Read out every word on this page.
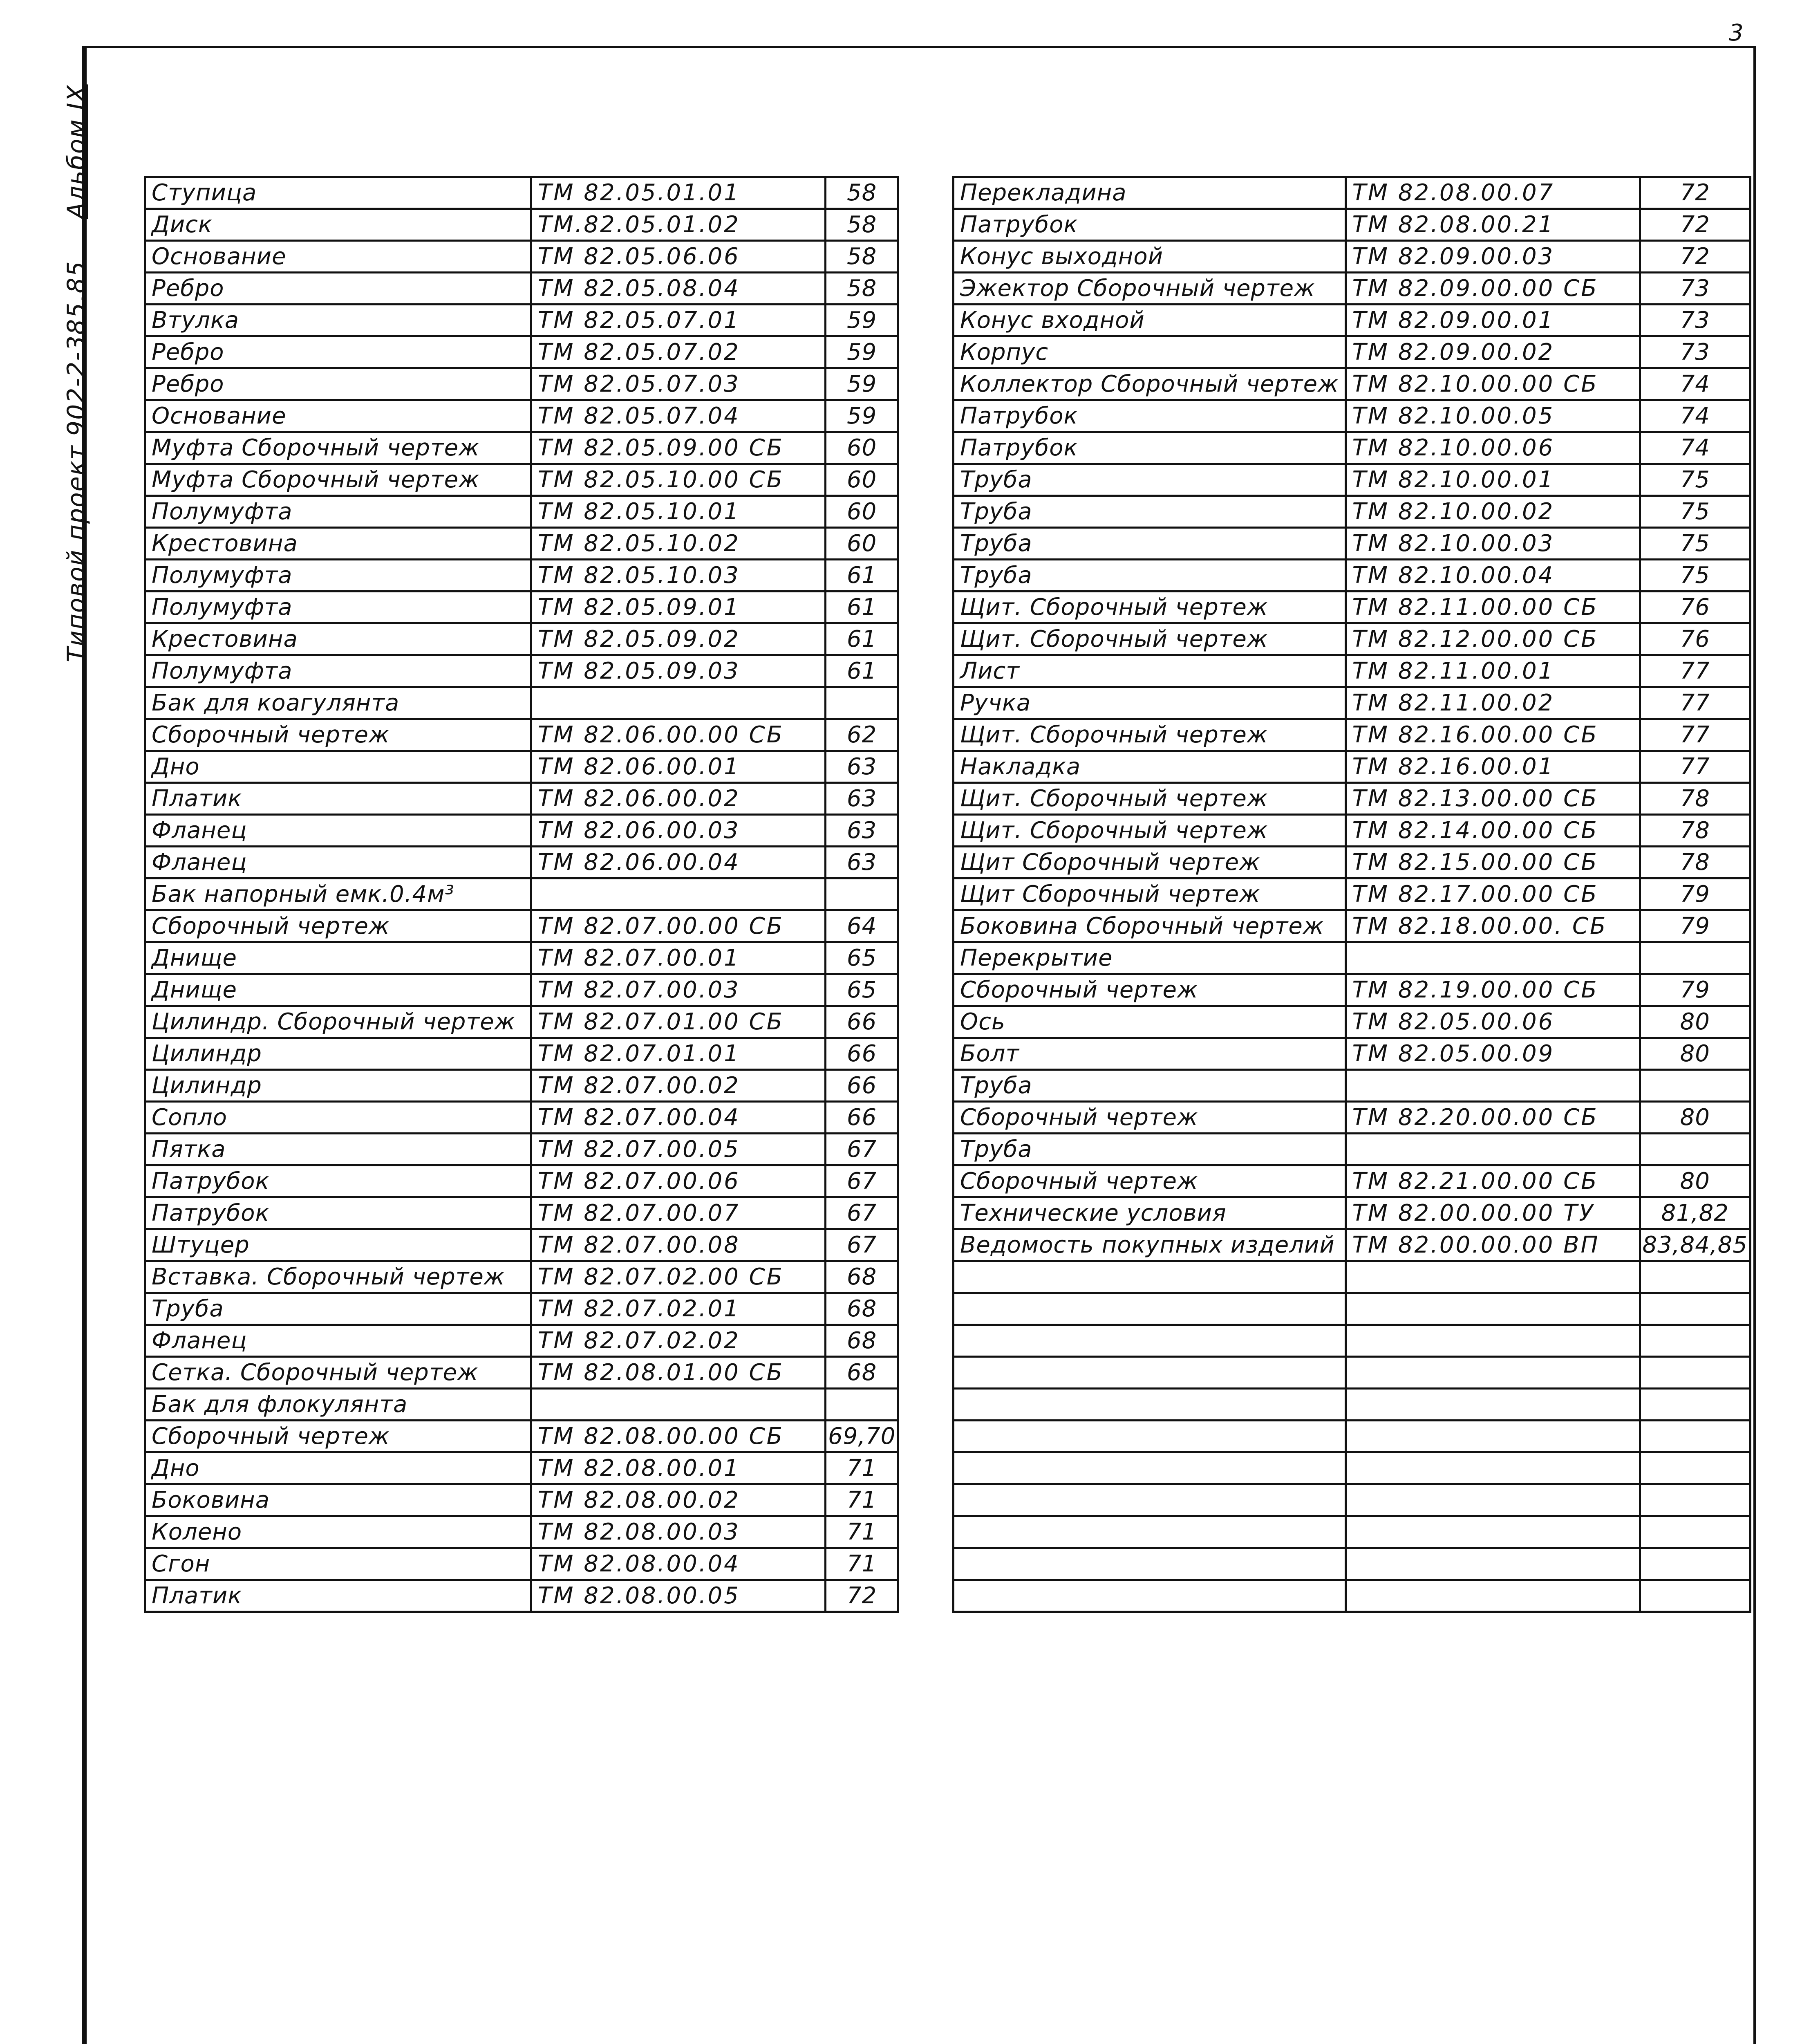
3
Типовой проект 902-2-385.85 Альбом IX	Ступица	ТМ 82.05.01.01	58
Диск	ТМ.82.05.01.02	58
Основание	ТМ 82.05.06.06	58
Ребро	ТМ 82.05.08.04	58
Втулка	ТМ 82.05.07.01	59
Ребро	ТМ 82.05.07.02	59
Ребро	ТМ 82.05.07.03	59
Основание	ТМ 82.05.07.04	59
Муфта Сборочный чертеж	ТМ 82.05.09.00 СБ	60
Муфта Сборочный чертеж	ТМ 82.05.10.00 СБ	60
Полумуфта	ТМ 82.05.10.01	60
Крестовина	ТМ 82.05.10.02	60
Полумуфта	ТМ 82.05.10.03	61
Полумуфта	ТМ 82.05.09.01	61
Крестовина	ТМ 82.05.09.02	61
Полумуфта	ТМ 82.05.09.03	61
Бак для коагулянта		
Сборочный чертеж	ТМ 82.06.00.00 СБ	62
Дно	ТМ 82.06.00.01	63
Платик	ТМ 82.06.00.02	63
Фланец	ТМ 82.06.00.03	63
Фланец	ТМ 82.06.00.04	63
Бак напорный емк.0.4м³		
Сборочный чертеж	ТМ 82.07.00.00 СБ	64
Днище	ТМ 82.07.00.01	65
Днище	ТМ 82.07.00.03	65
Цилиндр. Сборочный чертеж	ТМ 82.07.01.00 СБ	66
Цилиндр	ТМ 82.07.01.01	66
Цилиндр	ТМ 82.07.00.02	66
Сопло	ТМ 82.07.00.04	66
Пятка	ТМ 82.07.00.05	67
Патрубок	ТМ 82.07.00.06	67
Патрубок	ТМ 82.07.00.07	67
Штуцер	ТМ 82.07.00.08	67
Вставка. Сборочный чертеж	ТМ 82.07.02.00 СБ	68
Труба	ТМ 82.07.02.01	68
Фланец	ТМ 82.07.02.02	68
Сетка. Сборочный чертеж	ТМ 82.08.01.00 СБ	68
Бак для флокулянта		
Сборочный чертеж	ТМ 82.08.00.00 СБ	69,70
Дно	ТМ 82.08.00.01	71
Боковина	ТМ 82.08.00.02	71
Колено	ТМ 82.08.00.03	71
Сгон	ТМ 82.08.00.04	71
Платик	ТМ 82.08.00.05	72
Перекладина	ТМ 82.08.00.07	72
Патрубок	ТМ 82.08.00.21	72
Конус выходной	ТМ 82.09.00.03	72
Эжектор Сборочный чертеж	ТМ 82.09.00.00 СБ	73
Конус входной	ТМ 82.09.00.01	73
Корпус	ТМ 82.09.00.02	73
Коллектор Сборочный чертеж	ТМ 82.10.00.00 СБ	74
Патрубок	ТМ 82.10.00.05	74
Патрубок	ТМ 82.10.00.06	74
Труба	ТМ 82.10.00.01	75
Труба	ТМ 82.10.00.02	75
Труба	ТМ 82.10.00.03	75
Труба	ТМ 82.10.00.04	75
Щит. Сборочный чертеж	ТМ 82.11.00.00 СБ	76
Щит. Сборочный чертеж	ТМ 82.12.00.00 СБ	76
Лист	ТМ 82.11.00.01	77
Ручка	ТМ 82.11.00.02	77
Щит. Сборочный чертеж	ТМ 82.16.00.00 СБ	77
Накладка	ТМ 82.16.00.01	77
Щит. Сборочный чертеж	ТМ 82.13.00.00 СБ	78
Щит. Сборочный чертеж	ТМ 82.14.00.00 СБ	78
Щит Сборочный чертеж	ТМ 82.15.00.00 СБ	78
Щит Сборочный чертеж	ТМ 82.17.00.00 СБ	79
Боковина Сборочный чертеж	ТМ 82.18.00.00. СБ	79
Перекрытие		
Сборочный чертеж	ТМ 82.19.00.00 СБ	79
Ось	ТМ 82.05.00.06	80
Болт	ТМ 82.05.00.09	80
Труба		
Сборочный чертеж	ТМ 82.20.00.00 СБ	80
Труба		
Сборочный чертеж	ТМ 82.21.00.00 СБ	80
Технические условия	ТМ 82.00.00.00 ТУ	81,82
Ведомость покупных изделий	ТМ 82.00.00.00 ВП	83,84,85
